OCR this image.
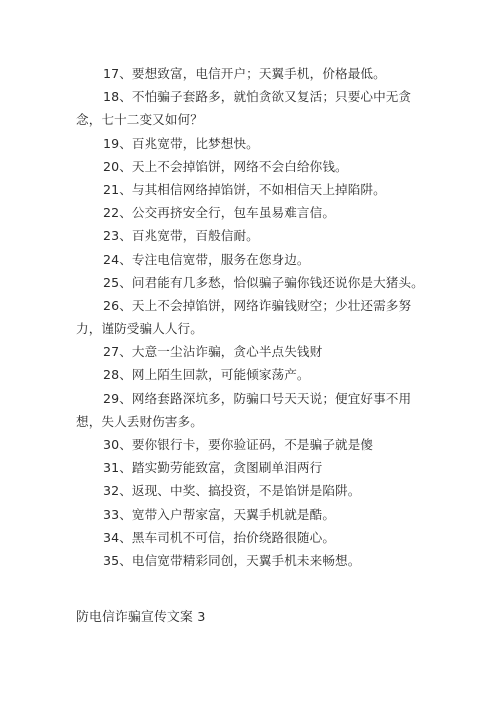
17、要想致富，电信开户；天翼手机，价格最低。
18、不怕骗子套路多，就怕贪欲又复活；只要心中无贪
念，七十二变又如何？
19、百兆宽带，比梦想快。
20、天上不会掉馅饼，网络不会白给你钱。
21、与其相信网络掉馅饼，不如相信天上掉陷阱。
22、公交再挤安全行，包车虽易难言信。
23、百兆宽带，百般信耐。
24、专注电信宽带，服务在您身边。
25、问君能有几多愁，恰似骗子骗你钱还说你是大猪头。
26、天上不会掉馅饼，网络诈骗钱财空；少壮还需多努
力，谨防受骗人人行。
27、大意一尘沾诈骗，贪心半点失钱财
28、网上陌生回款，可能倾家荡产。
29、网络套路深坑多，防骗口号天天说；便宜好事不用
想，失人丢财伤害多。
30、要你银行卡，要你验证码，不是骗子就是傻
31、踏实勤劳能致富，贪图刷单泪两行
32、返现、中奖、搞投资，不是馅饼是陷阱。
33、宽带入户帮家富，天翼手机就是酷。
34、黑车司机不可信，抬价绕路很随心。
35、电信宽带精彩同创，天翼手机未来畅想。
防电信诈骗宣传文案 3
